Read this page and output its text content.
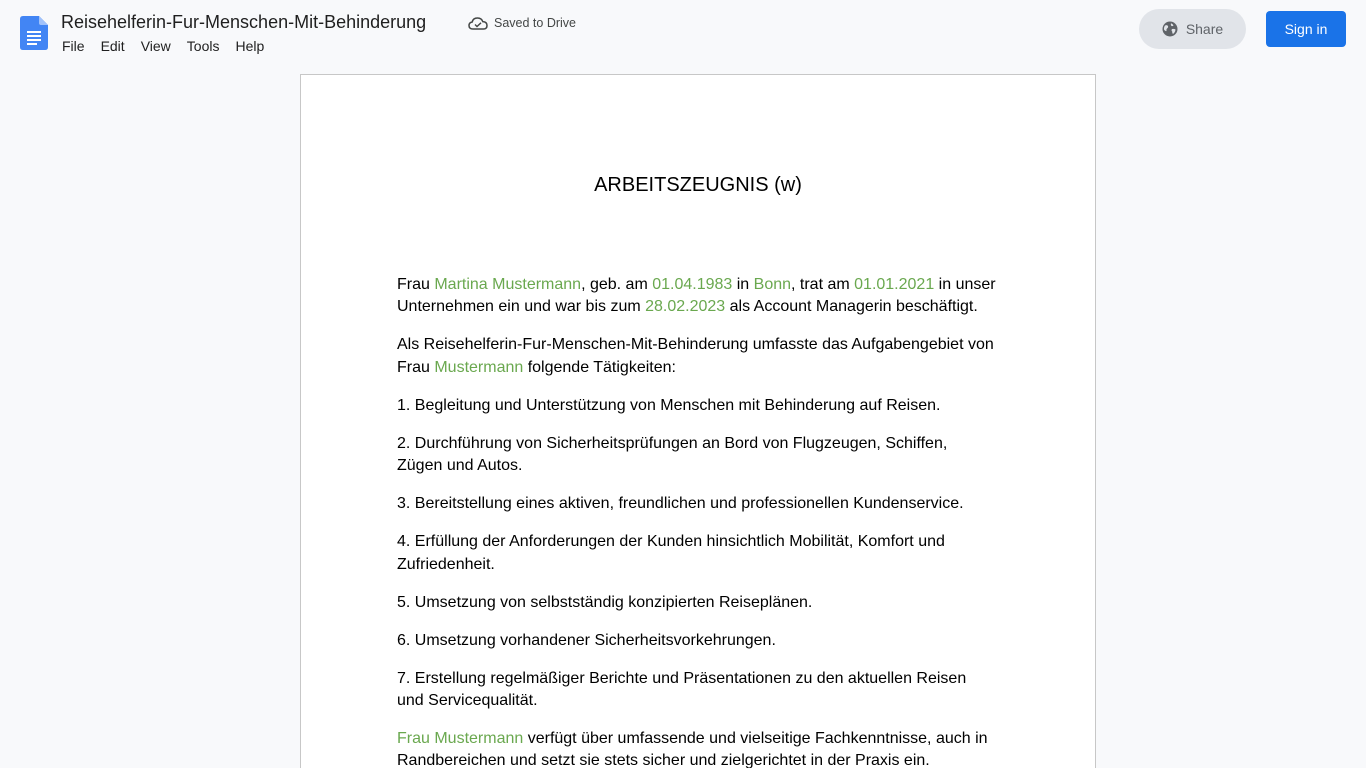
Reisehelferin-Fur-Menschen-Mit-Behinderung	Saved to Drive
File	Edit	View	Tools	Help
Share	Sign in
ARBEITSZEUGNIS (w)

Frau Martina Mustermann, geb. am 01.04.1983 in Bonn, trat am 01.01.2021 in unser Unternehmen ein und war bis zum 28.02.2023 als Account Managerin beschäftigt.

Als Reisehelferin-Fur-Menschen-Mit-Behinderung umfasste das Aufgabengebiet von Frau Mustermann folgende Tätigkeiten:

1. Begleitung und Unterstützung von Menschen mit Behinderung auf Reisen.

2. Durchführung von Sicherheitsprüfungen an Bord von Flugzeugen, Schiffen, Zügen und Autos.

3. Bereitstellung eines aktiven, freundlichen und professionellen Kundenservice.

4. Erfüllung der Anforderungen der Kunden hinsichtlich Mobilität, Komfort und Zufriedenheit.

5. Umsetzung von selbstständig konzipierten Reiseplänen.

6. Umsetzung vorhandener Sicherheitsvorkehrungen.

7. Erstellung regelmäßiger Berichte und Präsentationen zu den aktuellen Reisen und Servicequalität.

Frau Mustermann verfügt über umfassende und vielseitige Fachkenntnisse, auch in Randbereichen und setzt sie stets sicher und zielgerichtet in der Praxis ein.
